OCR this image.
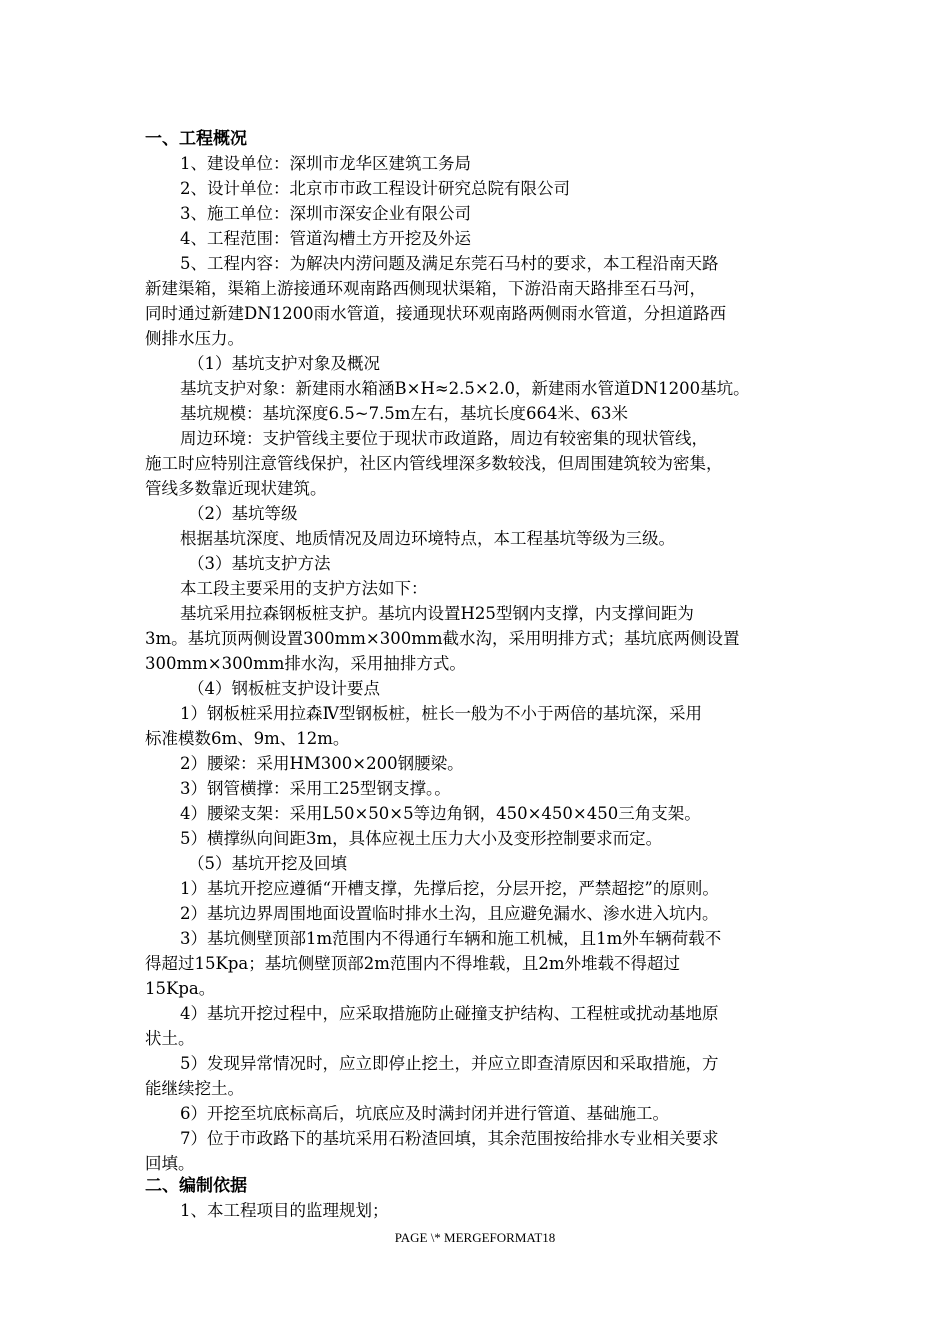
一、工程概况
1、建设单位：深圳市龙华区建筑工务局
2、设计单位：北京市市政工程设计研究总院有限公司
3、施工单位：深圳市深安企业有限公司
4、工程范围：管道沟槽土方开挖及外运
5、工程内容：为解决内涝问题及满足东莞石马村的要求，本工程沿南天路
新建渠箱，渠箱上游接通环观南路西侧现状渠箱，下游沿南天路排至石马河，
同时通过新建DN1200雨水管道，接通现状环观南路两侧雨水管道，分担道路西
侧排水压力。
（1）基坑支护对象及概况
基坑支护对象：新建雨水箱涵B×H≈2.5×2.0，新建雨水管道DN1200基坑。
基坑规模：基坑深度6.5~7.5m左右，基坑长度664米、63米
周边环境：支护管线主要位于现状市政道路，周边有较密集的现状管线，
施工时应特别注意管线保护，社区内管线埋深多数较浅，但周围建筑较为密集，
管线多数靠近现状建筑。
（2）基坑等级
根据基坑深度、地质情况及周边环境特点，本工程基坑等级为三级。
（3）基坑支护方法
本工段主要采用的支护方法如下：
基坑采用拉森钢板桩支护。基坑内设置H25型钢内支撑，内支撑间距为
3m。基坑顶两侧设置300mm×300mm截水沟，采用明排方式；基坑底两侧设置
300mm×300mm排水沟，采用抽排方式。
（4）钢板桩支护设计要点
1）钢板桩采用拉森Ⅳ型钢板桩，桩长一般为不小于两倍的基坑深，采用
标准模数6m、9m、12m。
2）腰梁：采用HM300×200钢腰梁。
3）钢管横撑：采用工25型钢支撑。。
4）腰梁支架：采用L50×50×5等边角钢，450×450×450三角支架。
5）横撑纵向间距3m，具体应视土压力大小及变形控制要求而定。
（5）基坑开挖及回填
1）基坑开挖应遵循“开槽支撑，先撑后挖，分层开挖，严禁超挖”的原则。
2）基坑边界周围地面设置临时排水土沟，且应避免漏水、渗水进入坑内。
3）基坑侧壁顶部1m范围内不得通行车辆和施工机械，且1m外车辆荷载不
得超过15Kpa；基坑侧壁顶部2m范围内不得堆载，且2m外堆载不得超过
15Kpa。
4）基坑开挖过程中，应采取措施防止碰撞支护结构、工程桩或扰动基地原
状土。
5）发现异常情况时，应立即停止挖土，并应立即查清原因和采取措施，方
能继续挖土。
6）开挖至坑底标高后，坑底应及时满封闭并进行管道、基础施工。
7）位于市政路下的基坑采用石粉渣回填，其余范围按给排水专业相关要求
回填。
二、编制依据
1、本工程项目的监理规划；
PAGE \* MERGEFORMAT18
